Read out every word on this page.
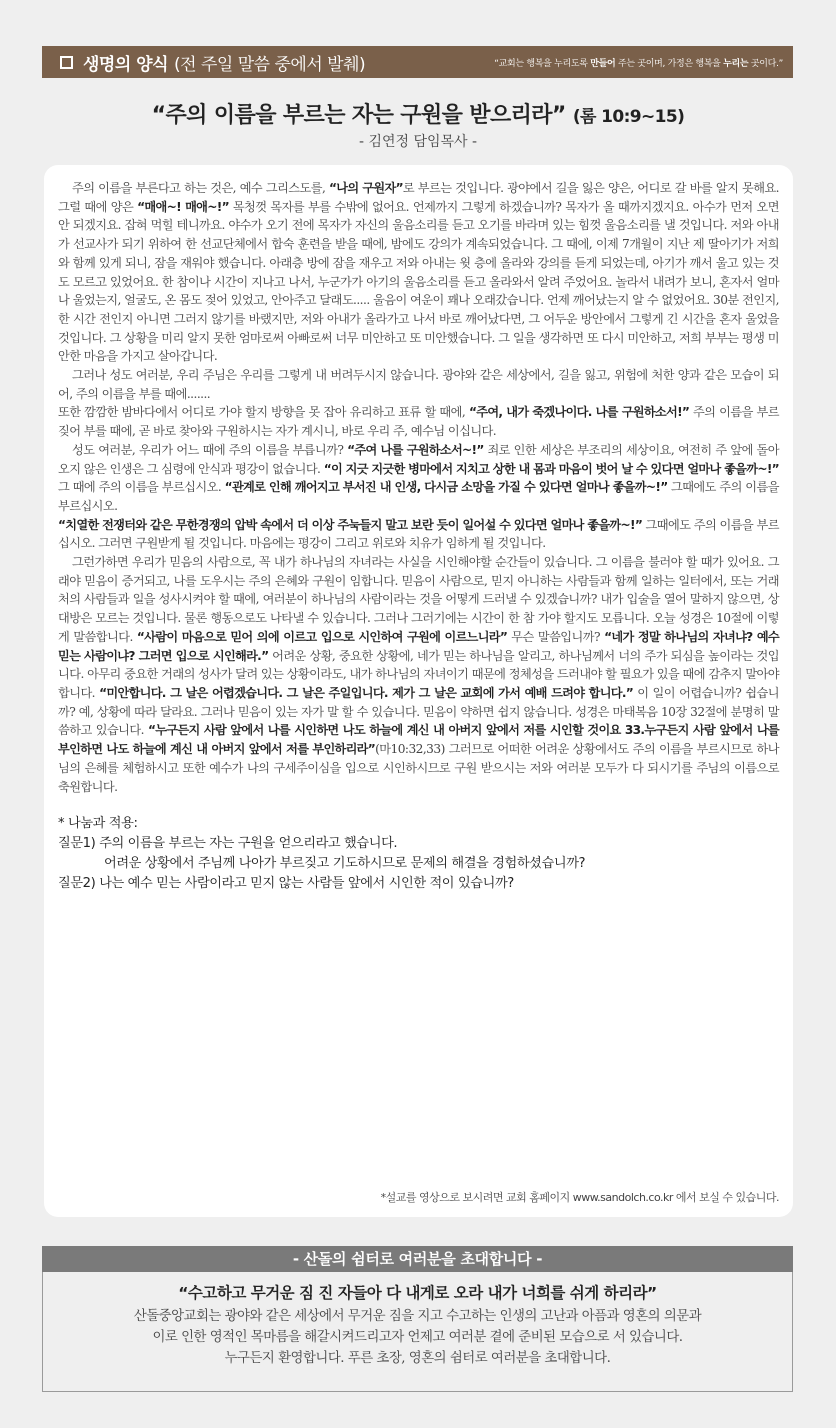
생명의 양식 (전 주일 말씀 중에서 발췌)	“교회는 행복을 누리도록 만들어 주는 곳이며, 가정은 행복을 누리는 곳이다.”
“주의 이름을 부르는 자는 구원을 받으리라” (롬 10:9~15)
- 김연정 담임목사 -

주의 이름을 부른다고 하는 것은, 예수 그리스도를, “나의 구원자”로 부르는 것입니다. 광야에서 길을 잃은 양은, 어디로 갈 바를 알지 못해요. 그럴 때에 양은 “매애~! 매애~!” 목청껏 목자를 부를 수밖에 없어요. 언제까지 그렇게 하겠습니까? 목자가 올 때까지겠지요. 아수가 먼저 오면 안 되겠지요. 잡혀 먹힐 테니까요. 야수가 오기 전에 목자가 자신의 울음소리를 듣고 오기를 바라며 있는 힘껏 울음소리를 낼 것입니다. 저와 아내가 선교사가 되기 위하여 한 선교단체에서 합숙 훈련을 받을 때에, 밤에도 강의가 계속되었습니다. 그 때에, 이제 7개월이 지난 제 딸아기가 저희와 함께 있게 되니, 잠을 재워야 했습니다. 아래층 방에 잠을 재우고 저와 아내는 윗 층에 올라와 강의를 듣게 되었는데, 아기가 깨서 울고 있는 것도 모르고 있었어요. 한 참이나 시간이 지나고 나서, 누군가가 아기의 울음소리를 듣고 올라와서 알려 주었어요. 놀라서 내려가 보니, 혼자서 얼마나 울었는지, 얼굴도, 온 몸도 젖어 있었고, 안아주고 달래도..... 울음이 여운이 꽤나 오래갔습니다. 언제 깨어났는지 알 수 없었어요. 30분 전인지, 한 시간 전인지 아니면 그러지 않기를 바랬지만, 저와 아내가 올라가고 나서 바로 깨어났다면, 그 어두운 방안에서 그렇게 긴 시간을 혼자 울었을 것입니다. 그 상황을 미리 알지 못한 엄마로써 아빠로써 너무 미안하고 또 미안했습니다. 그 일을 생각하면 또 다시 미안하고, 저희 부부는 평생 미안한 마음을 가지고 살아갑니다.

그러나 성도 여러분, 우리 주님은 우리를 그렇게 내 버려두시지 않습니다. 광야와 같은 세상에서, 길을 잃고, 위험에 처한 양과 같은 모습이 되어, 주의 이름을 부를 때에.......

또한 깜깜한 밤바다에서 어디로 가야 할지 방향을 못 잡아 유리하고 표류 할 때에, “주여, 내가 죽겠나이다. 나를 구원하소서!” 주의 이름을 부르짖어 부를 때에, 곧 바로 찾아와 구원하시는 자가 계시니, 바로 우리 주, 예수님 이십니다.

성도 여러분, 우리가 어느 때에 주의 이름을 부릅니까? “주여 나를 구원하소서~!” 죄로 인한 세상은 부조리의 세상이요, 여전히 주 앞에 돌아오지 않은 인생은 그 심령에 안식과 평강이 없습니다. “이 지긋 지긋한 병마에서 지치고 상한 내 몸과 마음이 벗어 날 수 있다면 얼마나 좋을까~!” 그 때에 주의 이름을 부르십시오. “관계로 인해 깨어지고 부서진 내 인생, 다시금 소망을 가질 수 있다면 얼마나 좋을까~!” 그때에도 주의 이름을 부르십시오.

“치열한 전쟁터와 같은 무한경쟁의 압박 속에서 더 이상 주눅들지 말고 보란 듯이 일어설 수 있다면 얼마나 좋을까~!” 그때에도 주의 이름을 부르십시오. 그러면 구원받게 될 것입니다. 마음에는 평강이 그리고 위로와 치유가 임하게 될 것입니다.

그런가하면 우리가 믿음의 사람으로, 꼭 내가 하나님의 자녀라는 사실을 시인해야할 순간들이 있습니다. 그 이름을 불러야 할 때가 있어요. 그래야 믿음이 증거되고, 나를 도우시는 주의 은혜와 구원이 임합니다. 믿음이 사람으로, 믿지 아니하는 사람들과 함께 일하는 일터에서, 또는 거래처의 사람들과 일을 성사시켜야 할 때에, 여러분이 하나님의 사람이라는 것을 어떻게 드러낼 수 있겠습니까? 내가 입술을 열어 말하지 않으면, 상대방은 모르는 것입니다. 물론 행동으로도 나타낼 수 있습니다. 그러나 그러기에는 시간이 한 참 가야 할지도 모릅니다. 오늘 성경은 10절에 이렇게 말씀합니다. “사람이 마음으로 믿어 의에 이르고 입으로 시인하여 구원에 이르느니라” 무슨 말씀입니까? “네가 정말 하나님의 자녀냐? 예수 믿는 사람이냐? 그러면 입으로 시인해라.” 어려운 상황, 중요한 상황에, 네가 믿는 하나님을 알리고, 하나님께서 너의 주가 되심을 높이라는 것입니다. 아무리 중요한 거래의 성사가 달려 있는 상황이라도, 내가 하나님의 자녀이기 때문에 정체성을 드러내야 할 필요가 있을 때에 감추지 말아야 합니다. “미안합니다. 그 날은 어렵겠습니다. 그 날은 주일입니다. 제가 그 날은 교회에 가서 예배 드려야 합니다.” 이 일이 어렵습니까? 쉽습니까? 예, 상황에 따라 달라요. 그러나 믿음이 있는 자가 말 할 수 있습니다. 믿음이 약하면 쉽지 않습니다. 성경은 마태복음 10장 32절에 분명히 말씀하고 있습니다. “누구든지 사람 앞에서 나를 시인하면 나도 하늘에 계신 내 아버지 앞에서 저를 시인할 것이요 33.누구든지 사람 앞에서 나를 부인하면 나도 하늘에 계신 내 아버지 앞에서 저를 부인하리라”(마10:32,33) 그러므로 어떠한 어려운 상황에서도 주의 이름을 부르시므로 하나님의 은혜를 체험하시고 또한 예수가 나의 구세주이심을 입으로 시인하시므로 구원 받으시는 저와 여러분 모두가 다 되시기를 주님의 이름으로 축원합니다.

* 나눔과 적용:
질문1) 주의 이름을 부르는 자는 구원을 얻으리라고 했습니다.
어려운 상황에서 주님께 나아가 부르짖고 기도하시므로 문제의 해결을 경험하셨습니까?
질문2) 나는 예수 믿는 사람이라고 믿지 않는 사람들 앞에서 시인한 적이 있습니까?
*설교를 영상으로 보시려면 교회 홈페이지 www.sandolch.co.kr 에서 보실 수 있습니다.
- 산돌의 쉼터로 여러분을 초대합니다 -
“수고하고 무거운 짐 진 자들아 다 내게로 오라 내가 너희를 쉬게 하리라”
산돌중앙교회는 광야와 같은 세상에서 무거운 짐을 지고 수고하는 인생의 고난과 아픔과 영혼의 의문과
이로 인한 영적인 목마름을 해갈시켜드리고자 언제고 여러분 곁에 준비된 모습으로 서 있습니다.
누구든지 환영합니다. 푸른 초장, 영혼의 쉼터로 여러분을 초대합니다.
